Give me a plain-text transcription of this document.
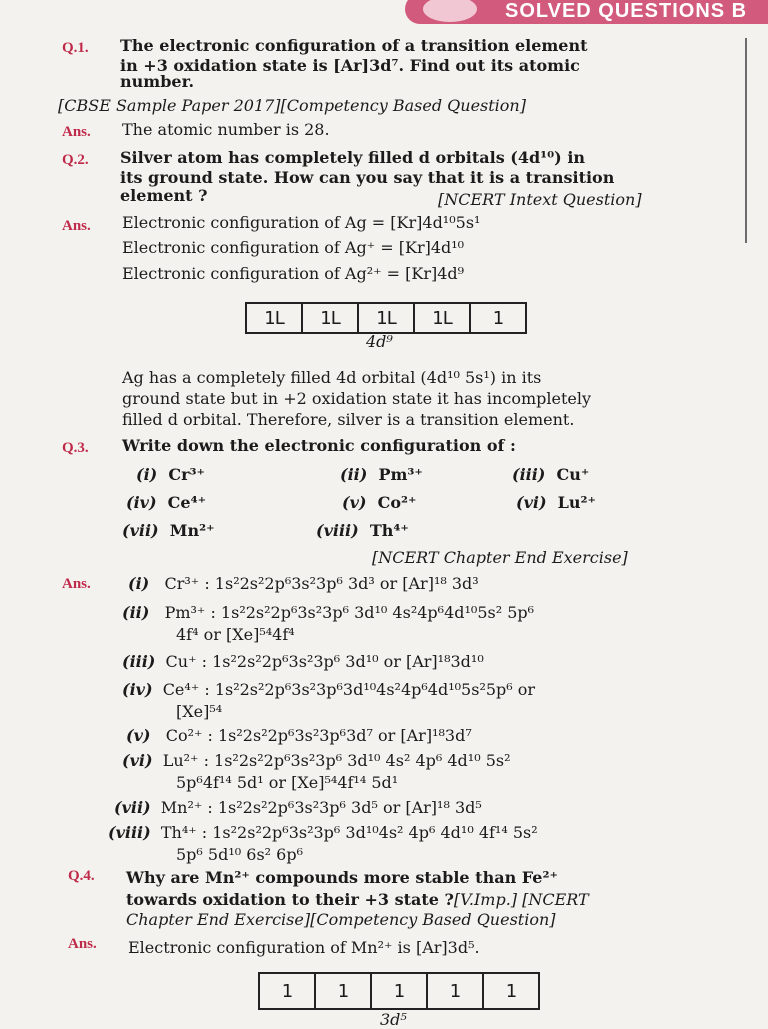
SOLVED QUESTIONS B
Q.1. The electronic configuration of a transition element
in +3 oxidation state is [Ar]3d⁷. Find out its atomic
number.
[CBSE Sample Paper 2017][Competency Based Question]
Ans. The atomic number is 28.
Q.2. Silver atom has completely filled d orbitals (4d¹⁰) in
its ground state. How can you say that it is a transition
element ?	[NCERT Intext Question]
Ans. Electronic configuration of Ag = [Kr]4d¹⁰5s¹
Electronic configuration of Ag⁺ = [Kr]4d¹⁰
Electronic configuration of Ag²⁺ = [Kr]4d⁹
1L	1L	1L	1L	1
4d⁹
Ag has a completely filled 4d orbital (4d¹⁰ 5s¹) in its
ground state but in +2 oxidation state it has incompletely
filled d orbital. Therefore, silver is a transition element.
Q.3. Write down the electronic configuration of :
(i) Cr³⁺	(ii) Pm³⁺	(iii) Cu⁺
(iv) Ce⁴⁺	(v) Co²⁺	(vi) Lu²⁺
(vii) Mn²⁺	(viii) Th⁴⁺
[NCERT Chapter End Exercise]
Ans. (i) Cr³⁺ : 1s²2s²2p⁶3s²3p⁶ 3d³ or [Ar]¹⁸ 3d³
(ii) Pm³⁺ : 1s²2s²2p⁶3s²3p⁶ 3d¹⁰ 4s²4p⁶4d¹⁰5s² 5p⁶
4f⁴ or [Xe]⁵⁴4f⁴
(iii) Cu⁺ : 1s²2s²2p⁶3s²3p⁶ 3d¹⁰ or [Ar]¹⁸3d¹⁰
(iv) Ce⁴⁺ : 1s²2s²2p⁶3s²3p⁶3d¹⁰4s²4p⁶4d¹⁰5s²5p⁶ or
[Xe]⁵⁴
(v) Co²⁺ : 1s²2s²2p⁶3s²3p⁶3d⁷ or [Ar]¹⁸3d⁷
(vi) Lu²⁺ : 1s²2s²2p⁶3s²3p⁶ 3d¹⁰ 4s² 4p⁶ 4d¹⁰ 5s²
5p⁶4f¹⁴ 5d¹ or [Xe]⁵⁴4f¹⁴ 5d¹
(vii) Mn²⁺ : 1s²2s²2p⁶3s²3p⁶ 3d⁵ or [Ar]¹⁸ 3d⁵
(viii) Th⁴⁺ : 1s²2s²2p⁶3s²3p⁶ 3d¹⁰4s² 4p⁶ 4d¹⁰ 4f¹⁴ 5s²
5p⁶ 5d¹⁰ 6s² 6p⁶
Q.4. Why are Mn²⁺ compounds more stable than Fe²⁺
towards oxidation to their +3 state ?[V.Imp.] [NCERT
Chapter End Exercise][Competency Based Question]
Ans. Electronic configuration of Mn²⁺ is [Ar]3d⁵.
1	1	1	1	1
3d⁵
